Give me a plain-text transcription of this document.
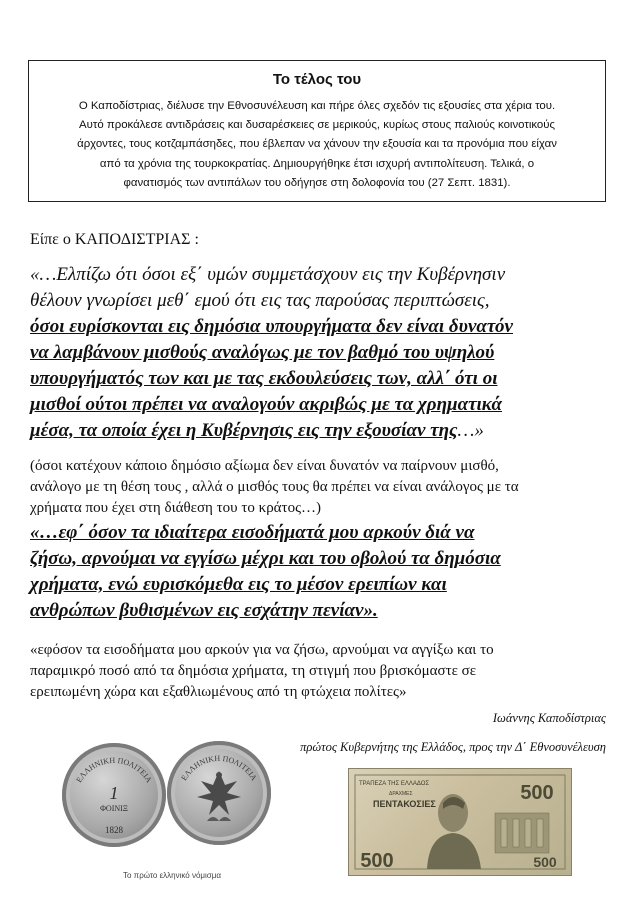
Το τέλος του
Ο Καποδίστριας, διέλυσε την Εθνοσυνέλευση και πήρε όλες σχεδόν τις εξουσίες στα χέρια του.
Αυτό προκάλεσε αντιδράσεις και δυσαρέσκειες σε μερικούς, κυρίως στους παλιούς κοινοτικούς
άρχοντες, τους κοτζαμπάσηδες, που έβλεπαν να χάνουν την εξουσία και τα προνόμια που είχαν
από τα χρόνια της τουρκοκρατίας. Δημιουργήθηκε έτσι ισχυρή αντιπολίτευση. Τελικά, ο
φανατισμός των αντιπάλων του οδήγησε στη δολοφονία του (27 Σεπτ. 1831).
Είπε ο ΚΑΠΟΔΙΣΤΡΙΑΣ :
«…Ελπίζω ότι όσοι εξ΄ υμών συμμετάσχουν εις την Κυβέρνησιν
θέλουν γνωρίσει μεθ΄ εμού ότι εις τας παρούσας περιπτώσεις,
όσοι ευρίσκονται εις δημόσια υπουργήματα δεν είναι δυνατόν
να λαμβάνουν μισθούς αναλόγως με τον βαθμό του υψηλού
υπουργήματός των και με τας εκδουλεύσεις των, αλλ΄ ότι οι
μισθοί ούτοι πρέπει να αναλογούν ακριβώς με τα χρηματικά
μέσα, τα οποία έχει η Κυβέρνησις εις την εξουσίαν της…»
(όσοι κατέχουν κάποιο δημόσιο αξίωμα δεν είναι δυνατόν να παίρνουν μισθό,
ανάλογο με τη θέση τους , αλλά ο μισθός τους θα πρέπει να είναι ανάλογος με τα
χρήματα που έχει στη διάθεση του το κράτος…)
«…εφ΄ όσον τα ιδιαίτερα εισοδήματά μου αρκούν διά να
ζήσω, αρνούμαι να εγγίσω μέχρι και του οβολού τα δημόσια
χρήματα, ενώ ευρισκόμεθα εις το μέσον ερειπίων και
ανθρώπων βυθισμένων εις εσχάτην πενίαν».
«εφόσον τα εισοδήματα μου αρκούν για να ζήσω, αρνούμαι να αγγίξω και το
παραμικρό ποσό από τα δημόσια χρήματα, τη στιγμή που βρισκόμαστε σε
ερειπωμένη χώρα και εξαθλιωμένους από τη φτώχεια πολίτες»
Ιωάννης Καποδίστριας
πρώτος Κυβερνήτης της Ελλάδος, προς την Δ΄ Εθνοσυνέλευση
ΕΛΛΗΝΙΚΗ ΠΟΛΙΤΕΙΑ
1
ΦΟΙΝΙΞ
1828
ΕΛΛΗΝΙΚΗ ΠΟΛΙΤΕΙΑ
Το πρώτο ελληνικό νόμισμα
ΤΡΑΠΕΖΑ ΤΗΣ ΕΛΛΑΔΟΣ
ΔΡΑΧΜΕΣ
ΠΕΝΤΑΚΟΣΙΕΣ	500
500	500
